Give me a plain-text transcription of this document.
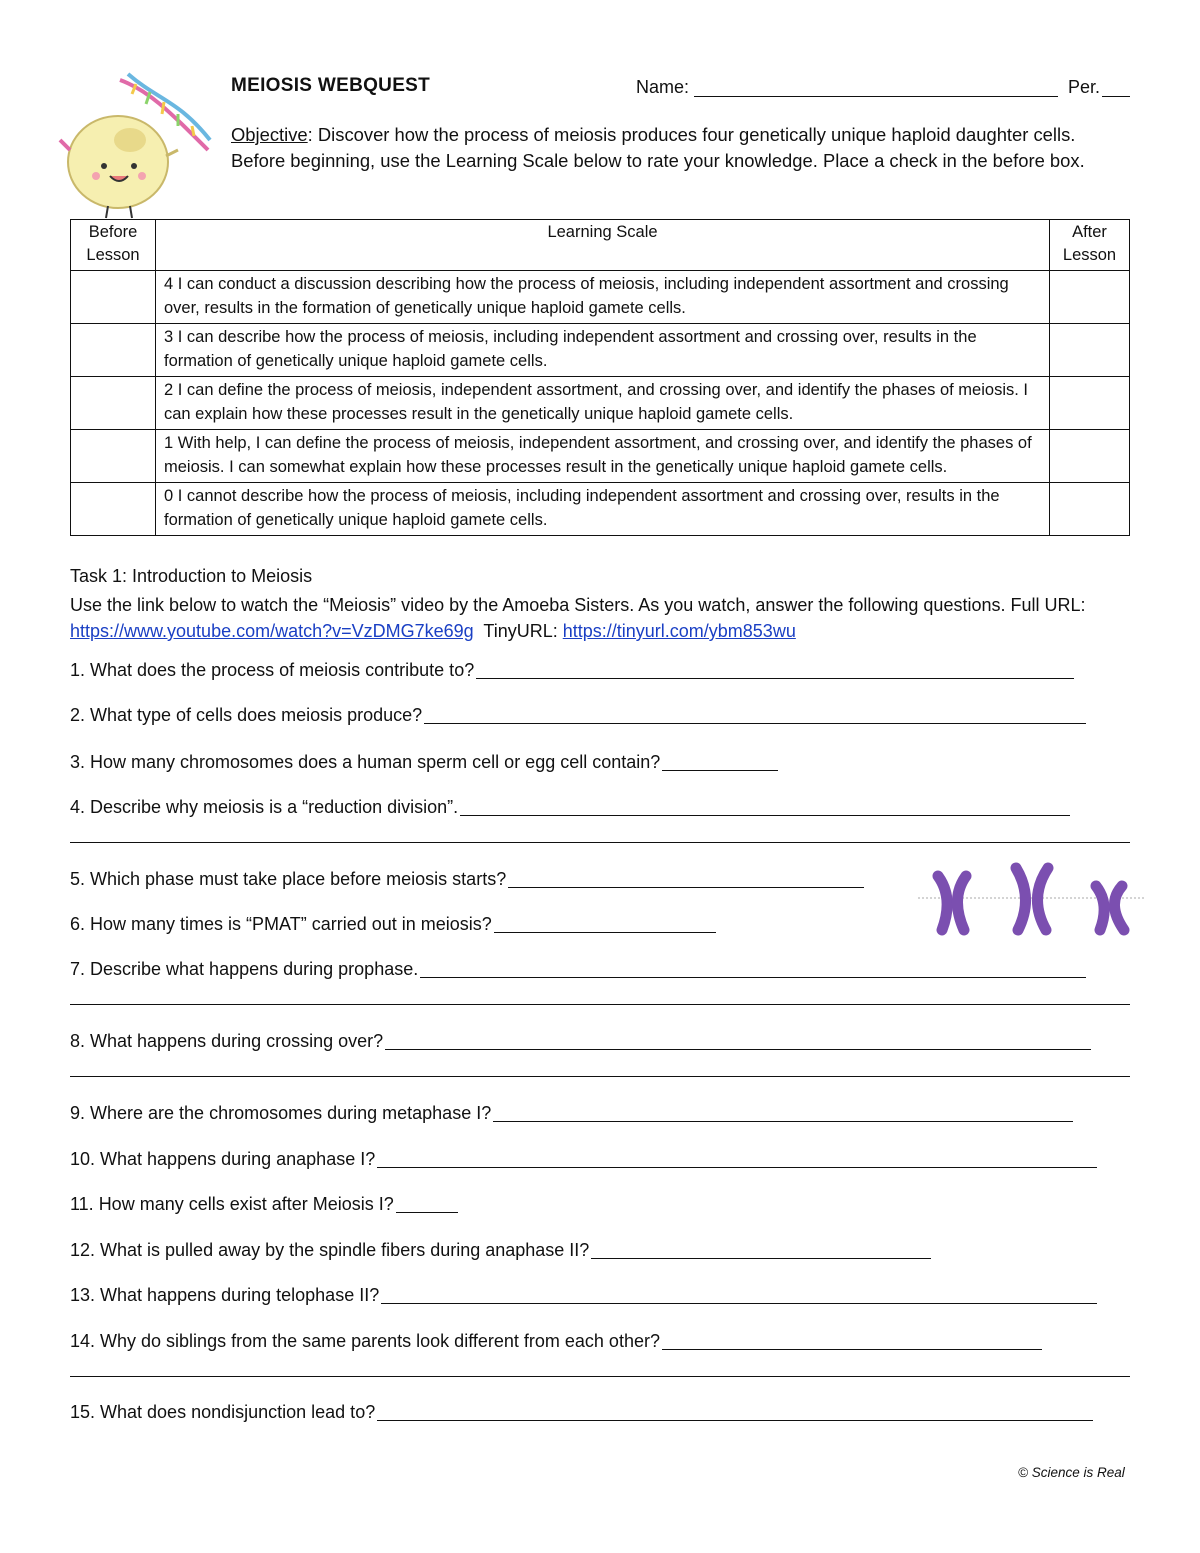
MEIOSIS WEBQUEST	Name:	Per.
Objective: Discover how the process of meiosis produces four genetically unique haploid daughter cells. Before beginning, use the Learning Scale below to rate your knowledge. Place a check in the before box.
Before Lesson	Learning Scale	After Lesson
	4 I can conduct a discussion describing how the process of meiosis, including independent assortment and crossing over, results in the formation of genetically unique haploid gamete cells.	
	3 I can describe how the process of meiosis, including independent assortment and crossing over, results in the formation of genetically unique haploid gamete cells.	
	2 I can define the process of meiosis, independent assortment, and crossing over, and identify the phases of meiosis. I can explain how these processes result in the genetically unique haploid gamete cells.	
	1 With help, I can define the process of meiosis, independent assortment, and crossing over, and identify the phases of meiosis. I can somewhat explain how these processes result in the genetically unique haploid gamete cells.	
	0 I cannot describe how the process of meiosis, including independent assortment and crossing over, results in the formation of genetically unique haploid gamete cells.	
Task 1: Introduction to Meiosis
Use the link below to watch the “Meiosis” video by the Amoeba Sisters. As you watch, answer the following questions. Full URL: https://www.youtube.com/watch?v=VzDMG7ke69g  TinyURL: https://tinyurl.com/ybm853wu
1. What does the process of meiosis contribute to?
2. What type of cells does meiosis produce?
3. How many chromosomes does a human sperm cell or egg cell contain?
4. Describe why meiosis is a “reduction division”.
5. Which phase must take place before meiosis starts?
6. How many times is “PMAT” carried out in meiosis?
7. Describe what happens during prophase.
8. What happens during crossing over?
9. Where are the chromosomes during metaphase I?
10. What happens during anaphase I?
11. How many cells exist after Meiosis I?
12. What is pulled away by the spindle fibers during anaphase II?
13. What happens during telophase II?
14. Why do siblings from the same parents look different from each other?
15. What does nondisjunction lead to?
© Science is Real
